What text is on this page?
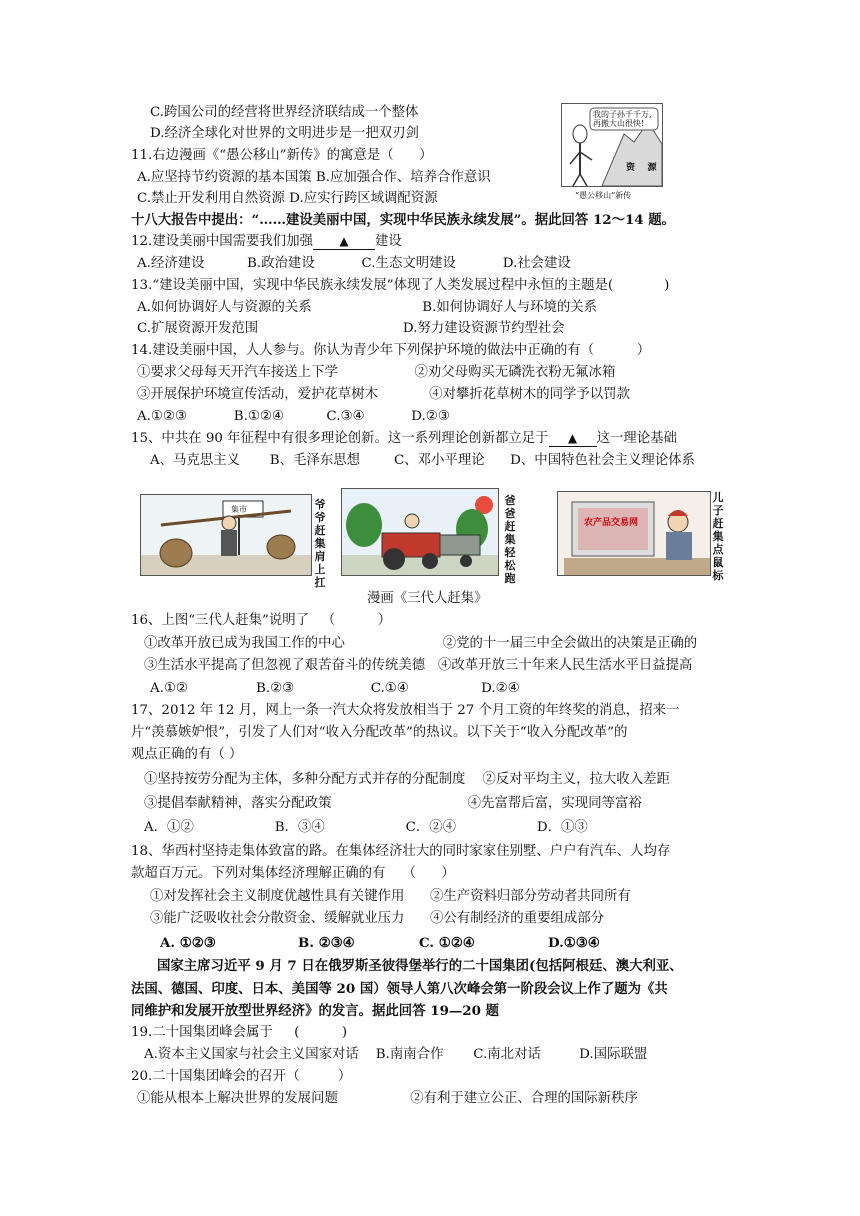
C.跨国公司的经营将世界经济联结成一个整体
D.经济全球化对世界的文明进步是一把双刃剑
11.右边漫画《“愚公移山”新传》的寓意是（      ）
A.应坚持节约资源的基本国策 B.应加强合作、培养合作意识
C.禁止开发利用自然资源 D.应实行跨区域调配资源
我的子孙千千万,
再搬大山很快!
资    源
“愚公移山”新传
十八大报告中提出：“……建设美丽中国，实现中华民族永续发展”。据此回答 12～14 题。
12.建设美丽中国需要我们加强 ▲ 建设
A.经济建设          B.政治建设           C.生态文明建设           D.社会建设
13.“建设美丽中国，实现中华民族永续发展”体现了人类发展过程中永恒的主题是(            )
A.如何协调好人与资源的关系                          B.如何协调好人与环境的关系
C.扩展资源开发范围                                  D.努力建设资源节约型社会
14.建设美丽中国，人人参与。你认为青少年下列保护环境的做法中正确的有（          ）
①要求父母每天开汽车接送上下学                  ②劝父母购买无磷洗衣粉无氟冰箱
③开展保护环境宣传活动，爱护花草树木            ④对攀折花草树木的同学予以罚款
A.①②③           B.①②④          C.③④           D.②③
15、中共在 90 年征程中有很多理论创新。这一系列理论创新都立足于 ▲ 这一理论基础
A、马克思主义       B、毛泽东思想        C、邓小平理论      D、中国特色社会主义理论体系
集市	爷爷赶集肩上扛
爸爸赶集轻松跑
农产品交易网
儿子赶集点鼠标
漫画《三代人赶集》
16、上图“三代人赶集”说明了   （          ）
①改革开放已成为我国工作的中心                       ②党的十一届三中全会做出的决策是正确的
③生活水平提高了但忽视了艰苦奋斗的传统美德   ④改革开放三十年来人民生活水平日益提高
A.①②                B.②③                  C.①④                 D.②④
17、2012 年 12 月，网上一条一汽大众将发放相当于 27 个月工资的年终奖的消息，招来一
片“羡慕嫉妒恨”，引发了人们对“收入分配改革”的热议。以下关于“收入分配改革”的
观点正确的有（ ）
①坚持按劳分配为主体，多种分配方式并存的分配制度    ②反对平均主义，拉大收入差距
③提倡奉献精神，落实分配政策                                ④先富帮后富，实现同等富裕
A．①②                   B．③④                   C．②④                   D．①③
18、华西村坚持走集体致富的路。在集体经济壮大的同时家家住别墅、户户有汽车、人均存
款超百万元。下列对集体经济理解正确的有    （      ）
①对发挥社会主义制度优越性具有关键作用      ②生产资料归部分劳动者共同所有
③能广泛吸收社会分散资金、缓解就业压力      ④公有制经济的重要组成部分
A. ①②③	B. ②③④	C. ①②④	D.①③④
国家主席习近平 9 月 7 日在俄罗斯圣彼得堡举行的二十国集团(包括阿根廷、澳大利亚、
法国、德国、印度、日本、美国等 20 国）领导人第八次峰会第一阶段会议上作了题为《共
同维护和发展开放型世界经济》的发言。据此回答 19—20 题
19.二十国集团峰会属于     (          )
A.资本主义国家与社会主义国家对话    B.南南合作       C.南北对话         D.国际联盟
20.二十国集团峰会的召开（         ）
①能从根本上解决世界的发展问题                 ②有利于建立公正、合理的国际新秩序
